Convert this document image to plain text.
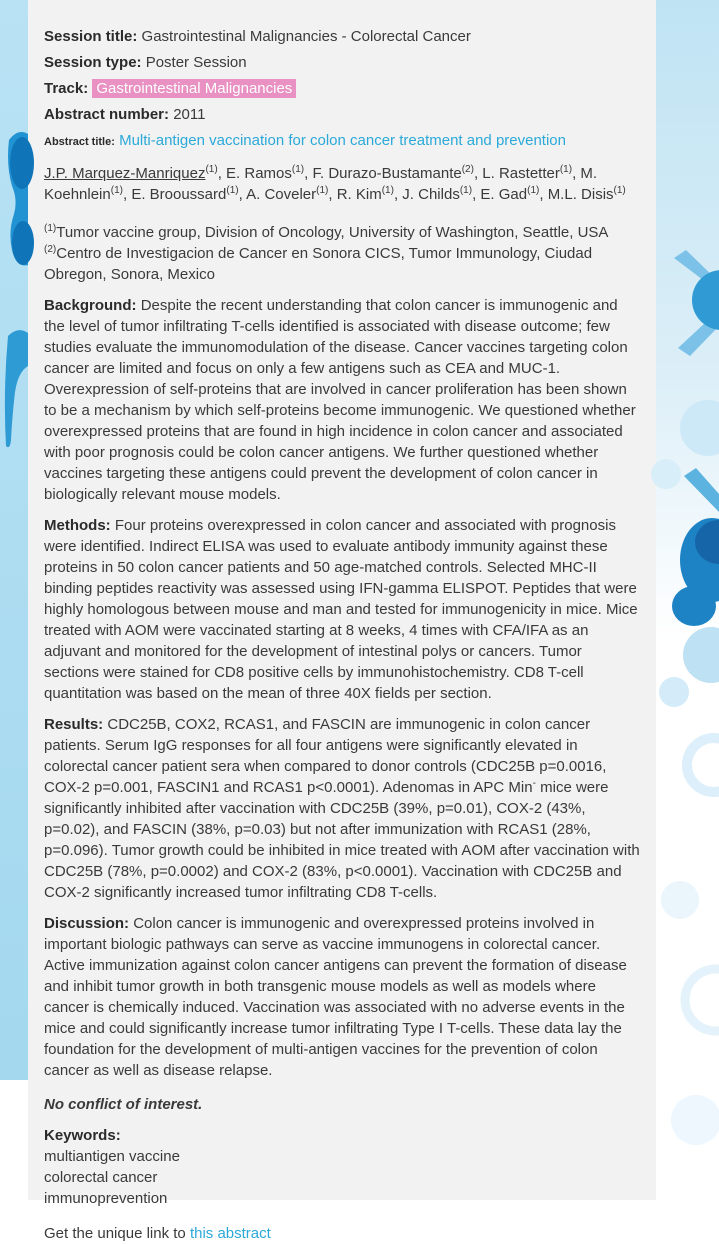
Session title: Gastrointestinal Malignancies - Colorectal Cancer
Session type: Poster Session
Track: Gastrointestinal Malignancies
Abstract number: 2011
Abstract title: Multi-antigen vaccination for colon cancer treatment and prevention

J.P. Marquez-Manriquez$^{(1)}$, E. Ramos$^{(1)}$, F. Durazo-Bustamante$^{(2)}$, L. Rastetter$^{(1)}$, M. Koehnlein$^{(1)}$, E. Brooussard$^{(1)}$, A. Coveler$^{(1)}$, R. Kim$^{(1)}$, J. Childs$^{(1)}$, E. Gad$^{(1)}$, M.L. Disis$^{(1)}$

$^{(1)}$Tumor vaccine group, Division of Oncology, University of Washington, Seattle, USA
$^{(2)}$Centro de Investigacion de Cancer en Sonora CICS, Tumor Immunology, Ciudad Obregon, Sonora, Mexico

Background: Despite the recent understanding that colon cancer is immunogenic and the level of tumor infiltrating T-cells identified is associated with disease outcome; few studies evaluate the immunomodulation of the disease. Cancer vaccines targeting colon cancer are limited and focus on only a few antigens such as CEA and MUC-1. Overexpression of self-proteins that are involved in cancer proliferation has been shown to be a mechanism by which self-proteins become immunogenic. We questioned whether overexpressed proteins that are found in high incidence in colon cancer and associated with poor prognosis could be colon cancer antigens. We further questioned whether vaccines targeting these antigens could prevent the development of colon cancer in biologically relevant mouse models.

Methods: Four proteins overexpressed in colon cancer and associated with prognosis were identified. Indirect ELISA was used to evaluate antibody immunity against these proteins in 50 colon cancer patients and 50 age-matched controls. Selected MHC-II binding peptides reactivity was assessed using IFN-gamma ELISPOT. Peptides that were highly homologous between mouse and man and tested for immunogenicity in mice. Mice treated with AOM were vaccinated starting at 8 weeks, 4 times with CFA/IFA as an adjuvant and monitored for the development of intestinal polys or cancers. Tumor sections were stained for CD8 positive cells by immunohistochemistry. CD8 T-cell quantitation was based on the mean of three 40X fields per section.

Results: CDC25B, COX2, RCAS1, and FASCIN are immunogenic in colon cancer patients. Serum IgG responses for all four antigens were significantly elevated in colorectal cancer patient sera when compared to donor controls (CDC25B p=0.0016, COX-2 p=0.001, FASCIN1 and RCAS1 p<0.0001). Adenomas in APC Min- mice were significantly inhibited after vaccination with CDC25B (39%, p=0.01), COX-2 (43%, p=0.02), and FASCIN (38%, p=0.03) but not after immunization with RCAS1 (28%, p=0.096). Tumor growth could be inhibited in mice treated with AOM after vaccination with CDC25B (78%, p=0.0002) and COX-2 (83%, p<0.0001). Vaccination with CDC25B and COX-2 significantly increased tumor infiltrating CD8 T-cells.

Discussion: Colon cancer is immunogenic and overexpressed proteins involved in important biologic pathways can serve as vaccine immunogens in colorectal cancer. Active immunization against colon cancer antigens can prevent the formation of disease and inhibit tumor growth in both transgenic mouse models as well as models where cancer is chemically induced. Vaccination was associated with no adverse events in the mice and could significantly increase tumor infiltrating Type I T-cells. These data lay the foundation for the development of multi-antigen vaccines for the prevention of colon cancer as well as disease relapse.

No conflict of interest.

Keywords:
multiantigen vaccine
colorectal cancer
immunoprevention

Get the unique link to this abstract
